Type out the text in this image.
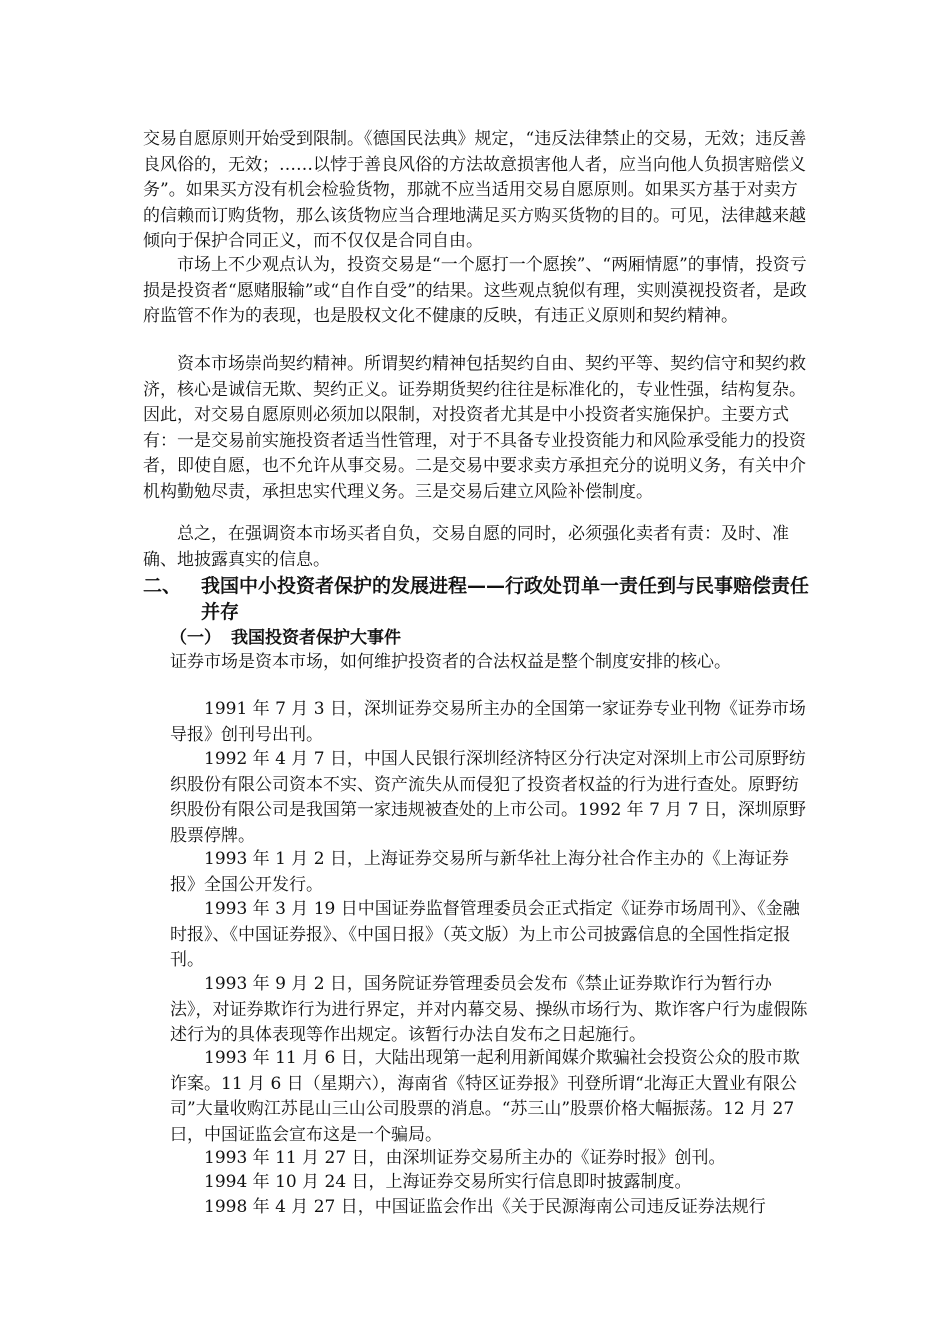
交易自愿原则开始受到限制。《德国民法典》规定，“违反法律禁止的交易，无效；违反善良风俗的，无效；……以悖于善良风俗的方法故意损害他人者，应当向他人负损害赔偿义务”。如果买方没有机会检验货物，那就不应当适用交易自愿原则。如果买方基于对卖方的信赖而订购货物，那么该货物应当合理地满足买方购买货物的目的。可见，法律越来越倾向于保护合同正义，而不仅仅是合同自由。

市场上不少观点认为，投资交易是“一个愿打一个愿挨”、“两厢情愿”的事情，投资亏损是投资者“愿赌服输”或“自作自受”的结果。这些观点貌似有理，实则漠视投资者，是政府监管不作为的表现，也是股权文化不健康的反映，有违正义原则和契约精神。

资本市场崇尚契约精神。所谓契约精神包括契约自由、契约平等、契约信守和契约救济，核心是诚信无欺、契约正义。证券期货契约往往是标准化的，专业性强，结构复杂。因此，对交易自愿原则必须加以限制，对投资者尤其是中小投资者实施保护。主要方式有：一是交易前实施投资者适当性管理，对于不具备专业投资能力和风险承受能力的投资者，即使自愿，也不允许从事交易。二是交易中要求卖方承担充分的说明义务，有关中介机构勤勉尽责，承担忠实代理义务。三是交易后建立风险补偿制度。

总之，在强调资本市场买者自负，交易自愿的同时，必须强化卖者有责：及时、准确、地披露真实的信息。

二、 我国中小投资者保护的发展进程——行政处罚单一责任到与民事赔偿责任并存
（一） 我国投资者保护大事件

证券市场是资本市场，如何维护投资者的合法权益是整个制度安排的核心。

1991 年 7 月 3 日，深圳证券交易所主办的全国第一家证券专业刊物《证券市场导报》创刊号出刊。

1992 年 4 月 7 日，中国人民银行深圳经济特区分行决定对深圳上市公司原野纺织股份有限公司资本不实、资产流失从而侵犯了投资者权益的行为进行查处。原野纺织股份有限公司是我国第一家违规被查处的上市公司。1992 年 7 月 7 日，深圳原野股票停牌。

1993 年 1 月 2 日，上海证券交易所与新华社上海分社合作主办的《上海证券报》全国公开发行。

1993 年 3 月 19 日中国证券监督管理委员会正式指定《证券市场周刊》、《金融时报》、《中国证券报》、《中国日报》（英文版）为上市公司披露信息的全国性指定报刊。

1993 年 9 月 2 日，国务院证券管理委员会发布《禁止证券欺诈行为暂行办法》，对证券欺诈行为进行界定，并对内幕交易、操纵市场行为、欺诈客户行为虚假陈述行为的具体表现等作出规定。该暂行办法自发布之日起施行。

1993 年 11 月 6 日，大陆出现第一起利用新闻媒介欺骗社会投资公众的股市欺诈案。11 月 6 日（星期六），海南省《特区证券报》刊登所谓“北海正大置业有限公司”大量收购江苏昆山三山公司股票的消息。“苏三山”股票价格大幅振荡。12 月 27 曰，中国证监会宣布这是一个骗局。

1993 年 11 月 27 日，由深圳证券交易所主办的《证券时报》创刊。

1994 年 10 月 24 日，上海证券交易所实行信息即时披露制度。

1998 年 4 月 27 日，中国证监会作出《关于民源海南公司违反证券法规行
